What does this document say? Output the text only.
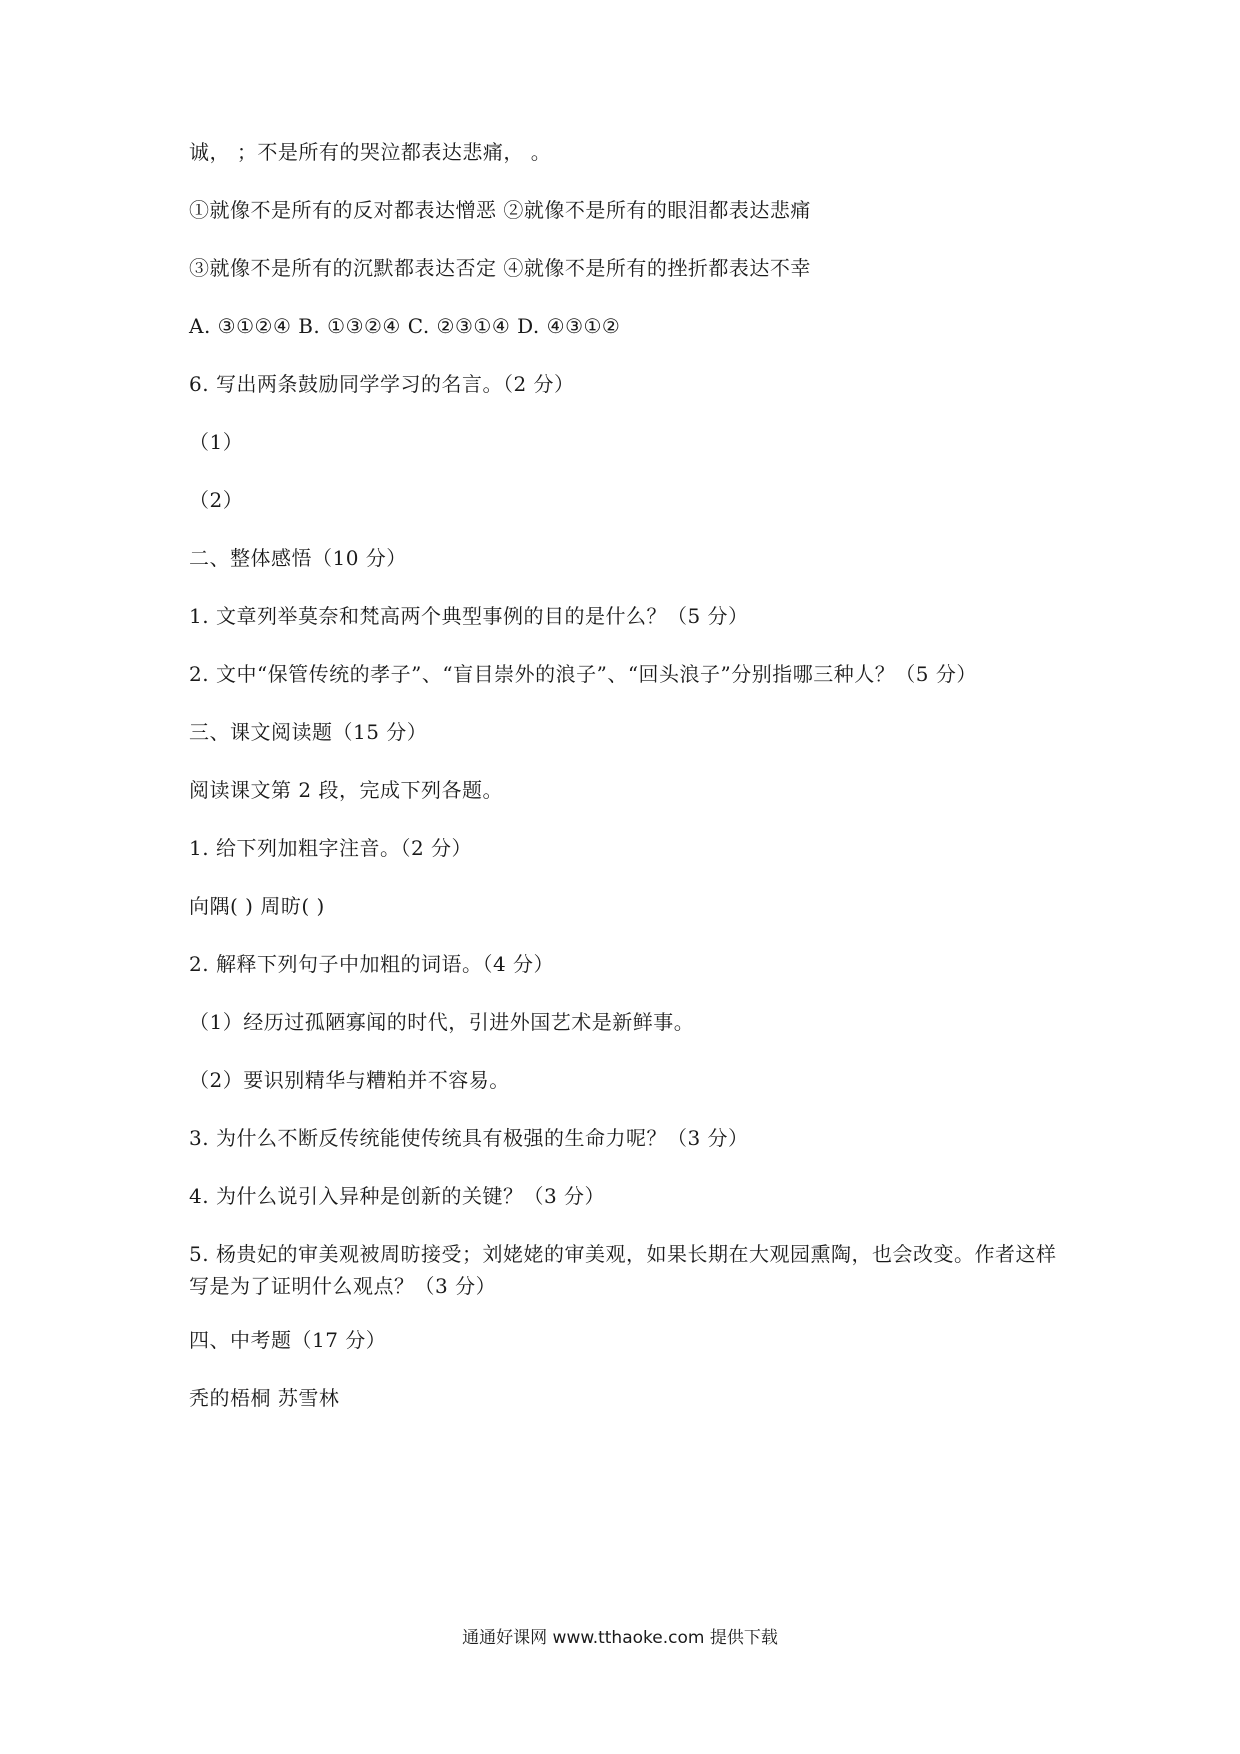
诚， ；不是所有的哭泣都表达悲痛， 。
①就像不是所有的反对都表达憎恶 ②就像不是所有的眼泪都表达悲痛
③就像不是所有的沉默都表达否定 ④就像不是所有的挫折都表达不幸
A. ③①②④ B. ①③②④ C. ②③①④ D. ④③①②
6. 写出两条鼓励同学学习的名言。（2 分）
（1）
（2）
二、整体感悟（10 分）
1. 文章列举莫奈和梵高两个典型事例的目的是什么？（5 分）
2. 文中“保管传统的孝子”、“盲目崇外的浪子”、“回头浪子”分别指哪三种人？（5 分）
三、课文阅读题（15 分）
阅读课文第 2 段，完成下列各题。
1. 给下列加粗字注音。（2 分）
向隅( ) 周昉( )
2. 解释下列句子中加粗的词语。（4 分）
（1）经历过孤陋寡闻的时代，引进外国艺术是新鲜事。
（2）要识别精华与糟粕并不容易。
3. 为什么不断反传统能使传统具有极强的生命力呢？（3 分）
4. 为什么说引入异种是创新的关键？（3 分）
5. 杨贵妃的审美观被周昉接受；刘姥姥的审美观，如果长期在大观园熏陶，也会改变。作者这样写是为了证明什么观点？（3 分）
四、中考题（17 分）
秃的梧桐 苏雪林
通通好课网 www.tthaoke.com 提供下载
